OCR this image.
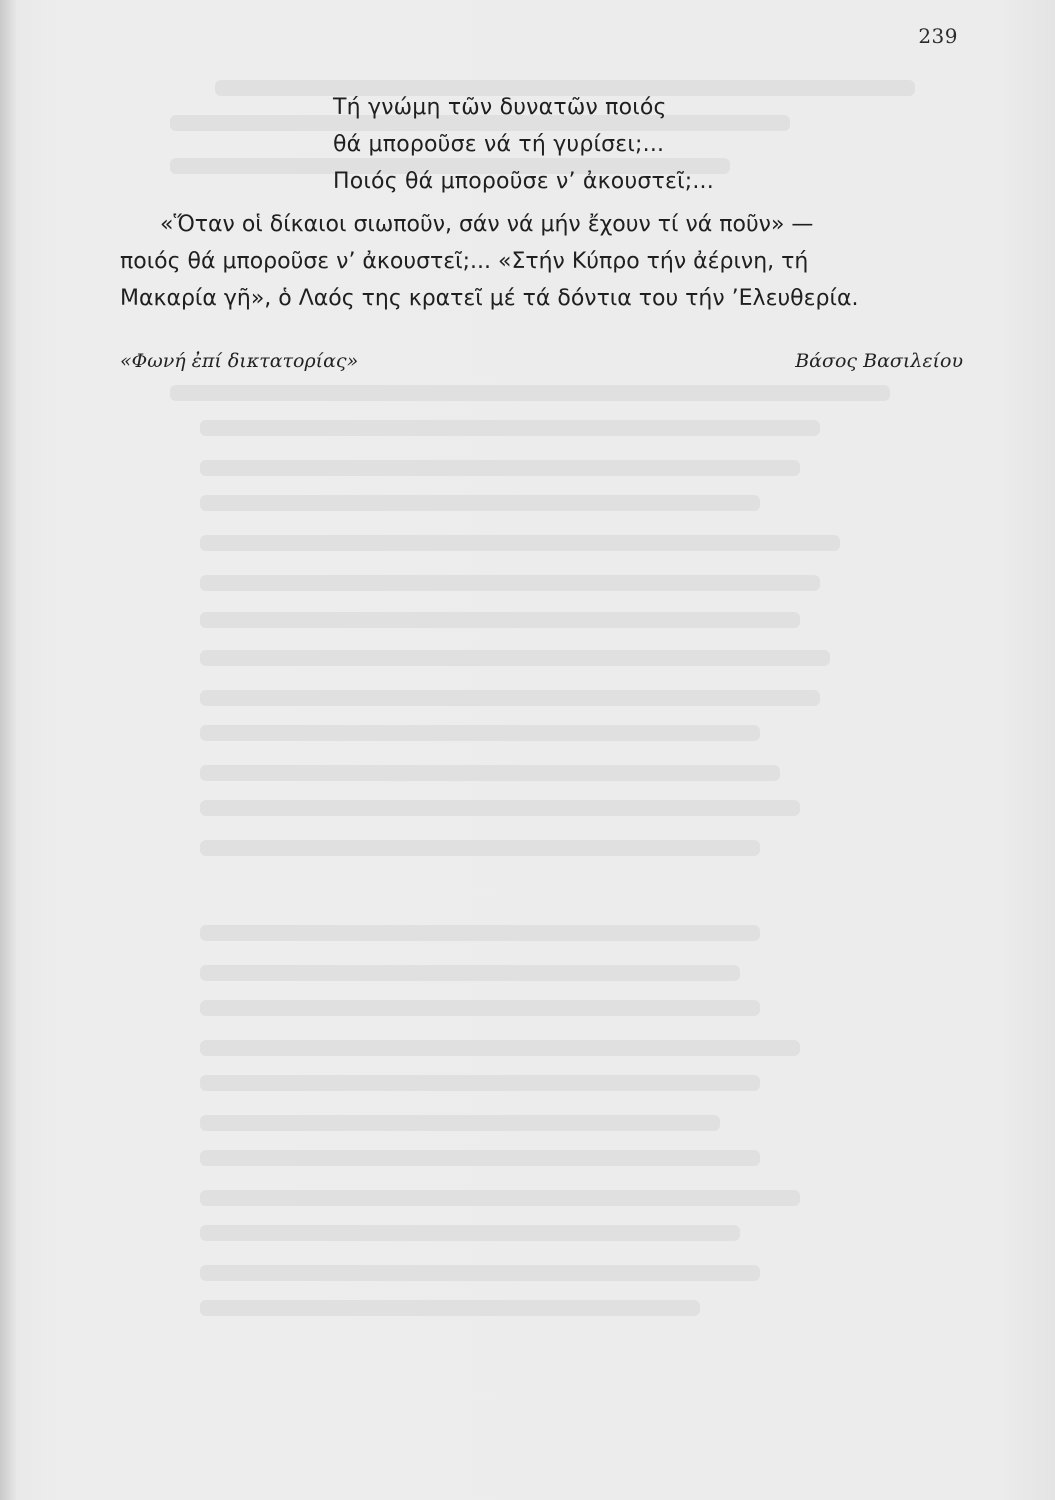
239
Τή γνώμη τῶν δυνατῶν ποιός
θά μποροῦσε νά τή γυρίσει;...
Ποιός θά μποροῦσε ν’ ἀκουστεῖ;...
«Ὅταν οἱ δίκαιοι σιωποῦν, σάν νά μήν ἔχουν τί νά ποῦν» —
ποιός θά μποροῦσε ν’ ἀκουστεῖ;... «Στήν Κύπρο τήν ἀέρινη, τή
Μακαρία γῆ», ὁ Λαός της κρατεῖ μέ τά δόντια του τήν ’Ελευθερία.
«Φωνή ἐπί δικτατορίας»	Βάσος Βασιλείου
